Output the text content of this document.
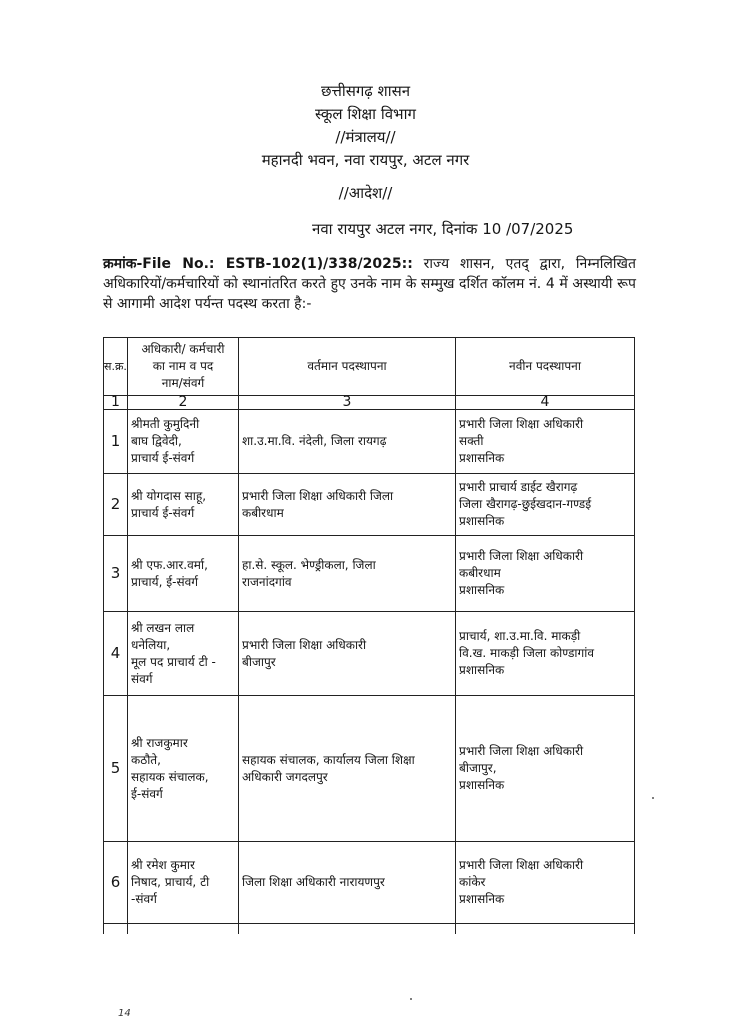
छत्तीसगढ़ शासन
स्कूल शिक्षा विभाग
//मंत्रालय//
महानदी भवन, नवा रायपुर, अटल नगर
//आदेश//
नवा रायपुर अटल नगर, दिनांक 10 /07/2025
क्रमांक-File No.: ESTB-102(1)/338/2025:: राज्य शासन, एतद् द्वारा, निम्नलिखित अधिकारियों/कर्मचारियों को स्थानांतरित करते हुए उनके नाम के सम्मुख दर्शित कॉलम नं. 4 में अस्थायी रूप से आगामी आदेश पर्यन्त पदस्थ करता है:-
स.क्र.	अधिकारी/ कर्मचारी
का नाम व पद
नाम/संवर्ग	वर्तमान पदस्थापना	नवीन पदस्थापना
1	2	3	4
1	श्रीमती कुमुदिनी
बाघ द्विवेदी,
प्राचार्य ई-संवर्ग	शा.उ.मा.वि. नंदेली, जिला रायगढ़	प्रभारी जिला शिक्षा अधिकारी
सक्ती
प्रशासनिक

2	श्री योगदास साहू,
प्राचार्य ई-संवर्ग	प्रभारी जिला शिक्षा अधिकारी जिला
कबीरधाम	प्रभारी प्राचार्य डाईट खैरागढ़
जिला खैरागढ़-छुईखदान-गण्डई
प्रशासनिक

3	श्री एफ.आर.वर्मा,
प्राचार्य, ई-संवर्ग	हा.से. स्कूल. भेण्ड्रीकला, जिला
राजनांदगांव	प्रभारी जिला शिक्षा अधिकारी
कबीरधाम
प्रशासनिक

4	श्री लखन लाल
धनेलिया,
मूल पद प्राचार्य टी -
संवर्ग	प्रभारी जिला शिक्षा अधिकारी
बीजापुर	प्राचार्य, शा.उ.मा.वि. माकड़ी
वि.ख. माकड़ी जिला कोण्डागांव
प्रशासनिक

5	श्री राजकुमार
कठौते,
सहायक संचालक,
ई-संवर्ग	सहायक संचालक, कार्यालय जिला शिक्षा
अधिकारी जगदलपुर	प्रभारी जिला शिक्षा अधिकारी
बीजापुर,
प्रशासनिक

6	श्री रमेश कुमार
निषाद, प्राचार्य, टी
-संवर्ग	जिला शिक्षा अधिकारी नारायणपुर	प्रभारी जिला शिक्षा अधिकारी
कांकेर
प्रशासनिक

14
